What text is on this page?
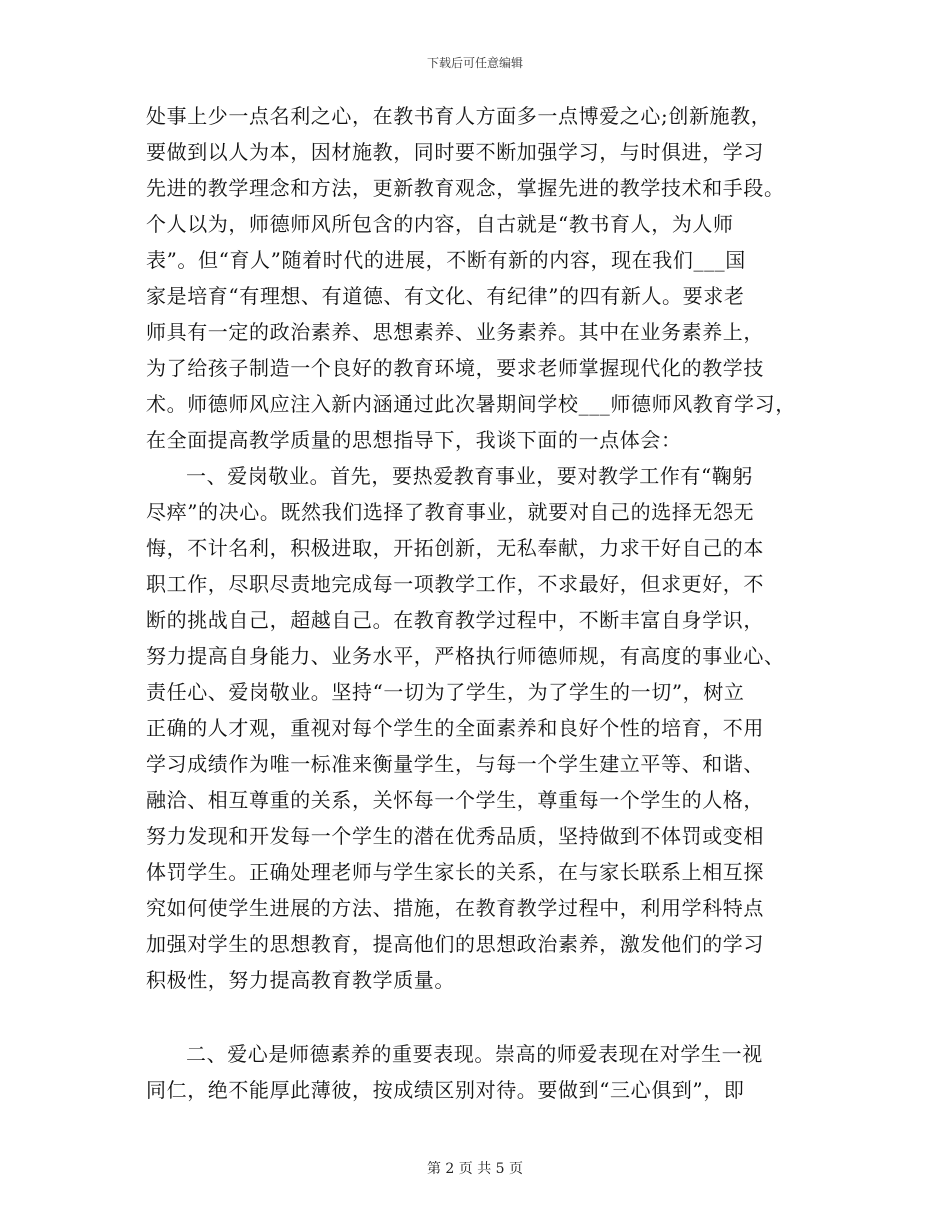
下载后可任意编辑
处事上少一点名利之心，在教书育人方面多一点博爱之心;创新施教，
要做到以人为本，因材施教，同时要不断加强学习，与时俱进，学习
先进的教学理念和方法，更新教育观念，掌握先进的教学技术和手段。
个人以为，师德师风所包含的内容，自古就是“教书育人，为人师
表”。但“育人”随着时代的进展，不断有新的内容，现在我们___国
家是培育“有理想、有道德、有文化、有纪律”的四有新人。要求老
师具有一定的政治素养、思想素养、业务素养。其中在业务素养上，
为了给孩子制造一个良好的教育环境，要求老师掌握现代化的教学技
术。师德师风应注入新内涵通过此次暑期间学校___师德师风教育学习，
在全面提高教学质量的思想指导下，我谈下面的一点体会：
一、爱岗敬业。首先，要热爱教育事业，要对教学工作有“鞠躬
尽瘁”的决心。既然我们选择了教育事业，就要对自己的选择无怨无
悔，不计名利，积极进取，开拓创新，无私奉献，力求干好自己的本
职工作，尽职尽责地完成每一项教学工作，不求最好，但求更好，不
断的挑战自己，超越自己。在教育教学过程中，不断丰富自身学识，
努力提高自身能力、业务水平，严格执行师德师规，有高度的事业心、
责任心、爱岗敬业。坚持“一切为了学生，为了学生的一切”，树立
正确的人才观，重视对每个学生的全面素养和良好个性的培育，不用
学习成绩作为唯一标准来衡量学生，与每一个学生建立平等、和谐、
融洽、相互尊重的关系，关怀每一个学生，尊重每一个学生的人格，
努力发现和开发每一个学生的潜在优秀品质，坚持做到不体罚或变相
体罚学生。正确处理老师与学生家长的关系，在与家长联系上相互探
究如何使学生进展的方法、措施，在教育教学过程中，利用学科特点
加强对学生的思想教育，提高他们的思想政治素养，激发他们的学习
积极性，努力提高教育教学质量。
二、爱心是师德素养的重要表现。崇高的师爱表现在对学生一视
同仁，绝不能厚此薄彼，按成绩区别对待。要做到“三心俱到”，即
第 2 页 共 5 页
